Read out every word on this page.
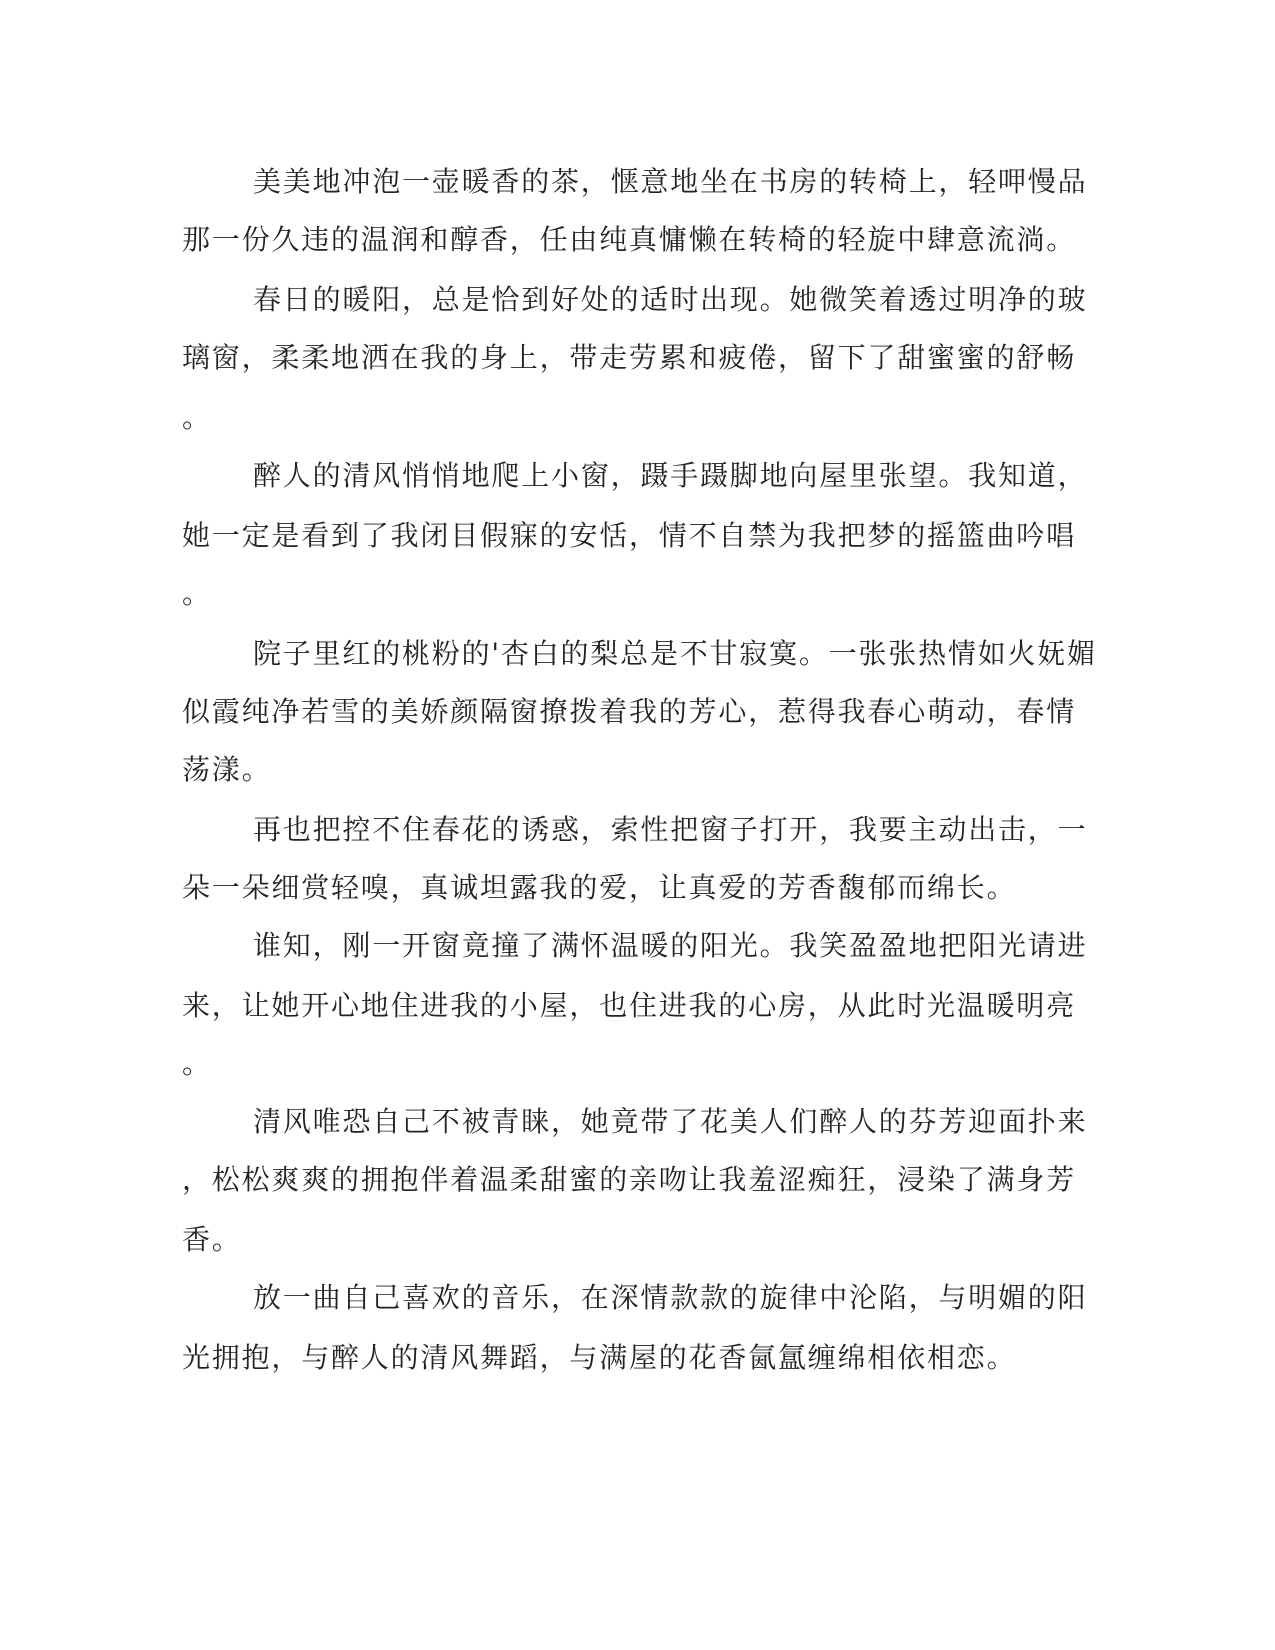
美美地冲泡一壶暖香的茶，惬意地坐在书房的转椅上，轻呷慢品

那一份久违的温润和醇香，任由纯真慵懒在转椅的轻旋中肆意流淌。

春日的暖阳，总是恰到好处的适时出现。她微笑着透过明净的玻

璃窗，柔柔地洒在我的身上，带走劳累和疲倦，留下了甜蜜蜜的舒畅

。

醉人的清风悄悄地爬上小窗，蹑手蹑脚地向屋里张望。我知道，

她一定是看到了我闭目假寐的安恬，情不自禁为我把梦的摇篮曲吟唱

。

院子里红的桃粉的'杏白的梨总是不甘寂寞。一张张热情如火妩媚

似霞纯净若雪的美娇颜隔窗撩拨着我的芳心，惹得我春心萌动，春情

荡漾。

再也把控不住春花的诱惑，索性把窗子打开，我要主动出击，一

朵一朵细赏轻嗅，真诚坦露我的爱，让真爱的芳香馥郁而绵长。

谁知，刚一开窗竟撞了满怀温暖的阳光。我笑盈盈地把阳光请进

来，让她开心地住进我的小屋，也住进我的心房，从此时光温暖明亮

。

清风唯恐自己不被青睐，她竟带了花美人们醉人的芬芳迎面扑来

，松松爽爽的拥抱伴着温柔甜蜜的亲吻让我羞涩痴狂，浸染了满身芳

香。

放一曲自己喜欢的音乐，在深情款款的旋律中沦陷，与明媚的阳

光拥抱，与醉人的清风舞蹈，与满屋的花香氤氲缠绵相依相恋。
